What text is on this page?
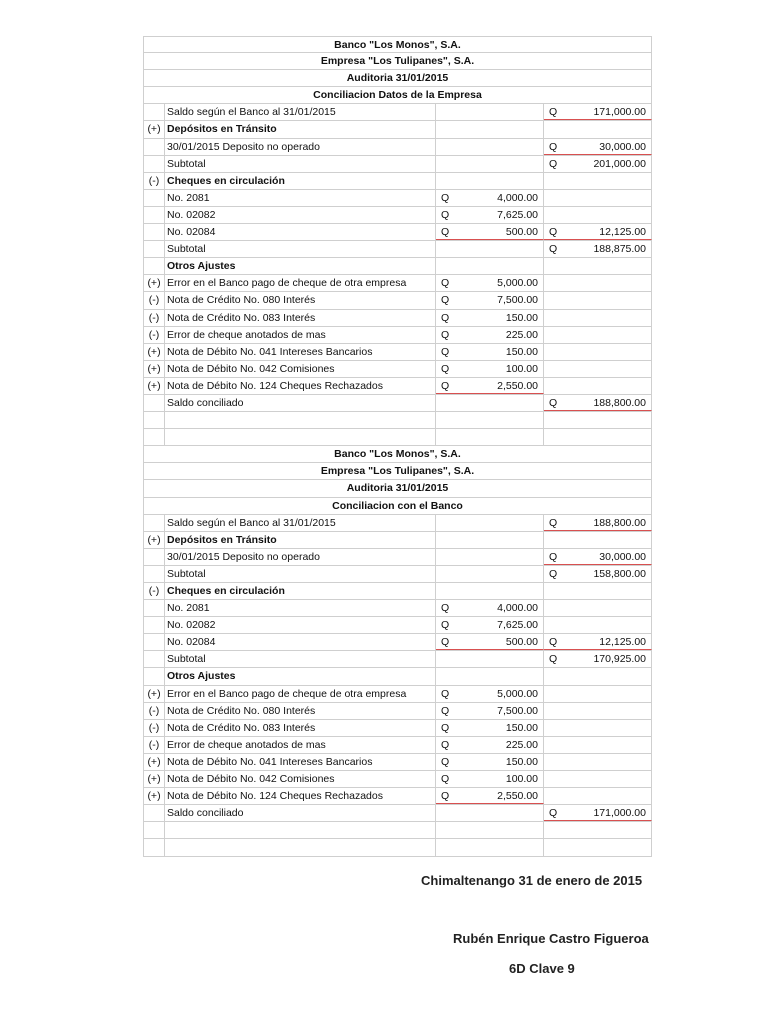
Banco "Los Monos", S.A.
Empresa "Los Tulipanes", S.A.
Auditoria 31/01/2015
Conciliacion Datos de la Empresa
Saldo según el Banco al 31/01/2015	Q	171,000.00
(+) Depósitos en Tránsito
30/01/2015 Deposito no operado	Q	30,000.00
Subtotal	Q	201,000.00
(-) Cheques en circulación
No. 2081	Q	4,000.00
No. 02082	Q	7,625.00
No. 02084	Q	500.00	Q	12,125.00
Subtotal	Q	188,875.00
Otros Ajustes
(+) Error en el Banco pago de cheque de otra empresa	Q	5,000.00
(-) Nota de Crédito No. 080 Interés	Q	7,500.00
(-) Nota de Crédito No. 083 Interés	Q	150.00
(-) Error de cheque anotados de mas	Q	225.00
(+) Nota de Débito No. 041 Intereses Bancarios	Q	150.00
(+) Nota de Débito No. 042 Comisiones	Q	100.00
(+) Nota de Débito No. 124 Cheques Rechazados	Q	2,550.00
Saldo conciliado	Q	188,800.00
Banco "Los Monos", S.A.
Empresa "Los Tulipanes", S.A.
Auditoria 31/01/2015
Conciliacion con el Banco
Saldo según el Banco al 31/01/2015	Q	188,800.00
(+) Depósitos en Tránsito
30/01/2015 Deposito no operado	Q	30,000.00
Subtotal	Q	158,800.00
(-) Cheques en circulación
No. 2081	Q	4,000.00
No. 02082	Q	7,625.00
No. 02084	Q	500.00	Q	12,125.00
Subtotal	Q	170,925.00
Otros Ajustes
(+) Error en el Banco pago de cheque de otra empresa	Q	5,000.00
(-) Nota de Crédito No. 080 Interés	Q	7,500.00
(-) Nota de Crédito No. 083 Interés	Q	150.00
(-) Error de cheque anotados de mas	Q	225.00
(+) Nota de Débito No. 041 Intereses Bancarios	Q	150.00
(+) Nota de Débito No. 042 Comisiones	Q	100.00
(+) Nota de Débito No. 124 Cheques Rechazados	Q	2,550.00
Saldo conciliado	Q	171,000.00
Chimaltenango 31 de enero de 2015
Rubén Enrique Castro Figueroa
6D Clave 9
